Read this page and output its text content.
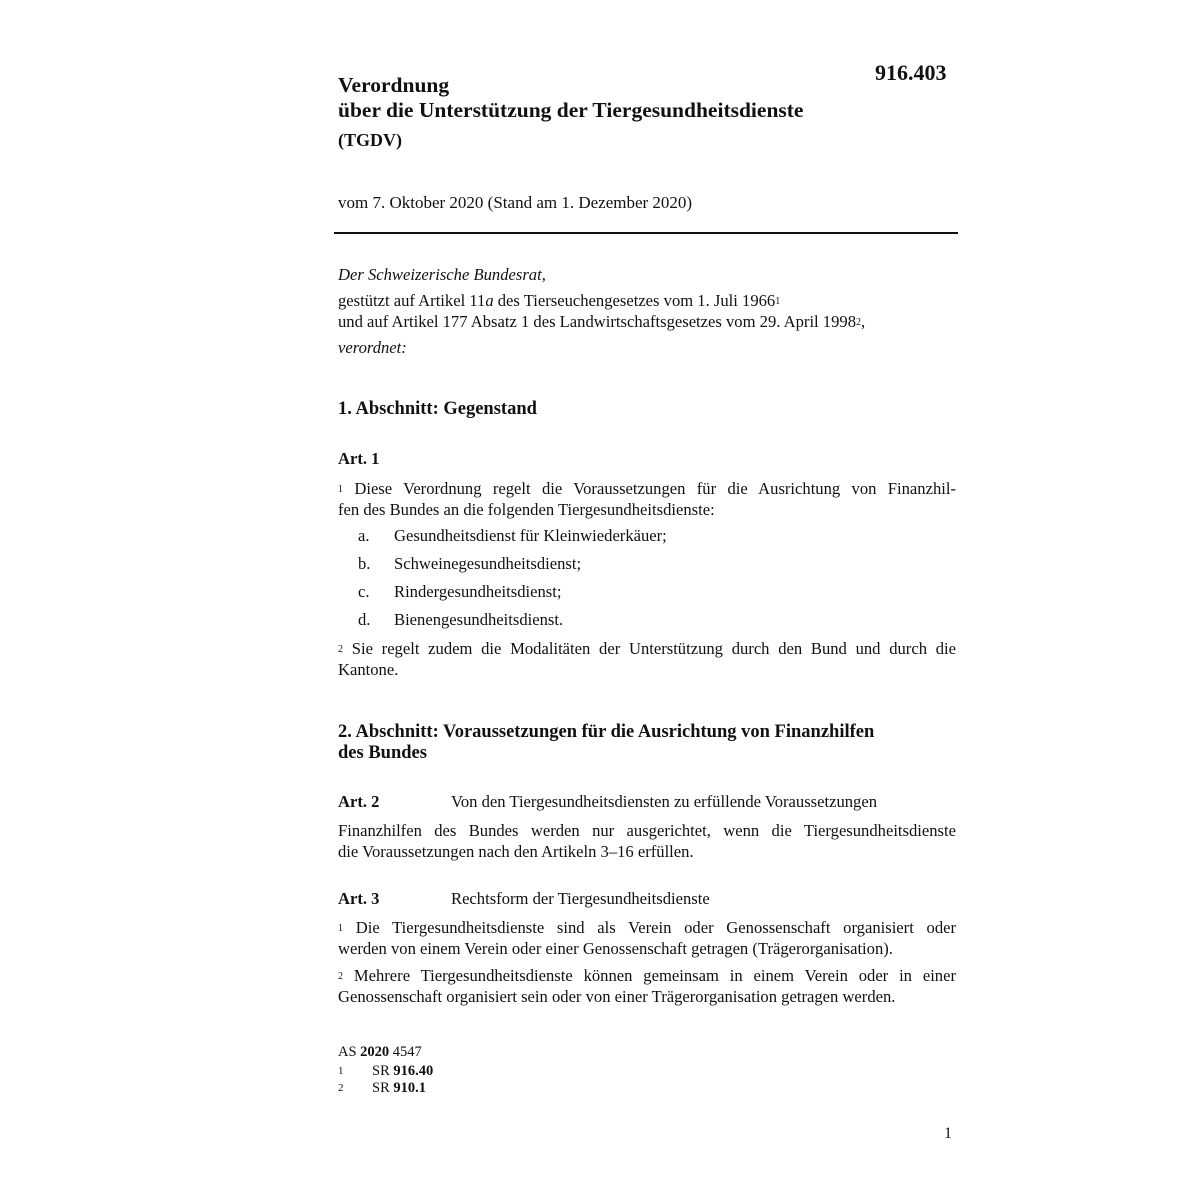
916.403
Verordnung
über die Unterstützung der Tiergesundheitsdienste
(TGDV)
vom 7. Oktober 2020 (Stand am 1. Dezember 2020)
Der Schweizerische Bundesrat,
gestützt auf Artikel 11a des Tierseuchengesetzes vom 1. Juli 1966$^1$
und auf Artikel 177 Absatz 1 des Landwirtschaftsgesetzes vom 29. April 1998$^2$,
verordnet:
1. Abschnitt: Gegenstand
Art. 1
$^1$ Diese Verordnung regelt die Voraussetzungen für die Ausrichtung von Finanzhil-
fen des Bundes an die folgenden Tiergesundheitsdienste:
a. Gesundheitsdienst für Kleinwiederkäuer;
b. Schweinegesundheitsdienst;
c. Rindergesundheitsdienst;
d. Bienengesundheitsdienst.
$^2$ Sie regelt zudem die Modalitäten der Unterstützung durch den Bund und durch die
Kantone.
2. Abschnitt: Voraussetzungen für die Ausrichtung von Finanzhilfen
des Bundes
Art. 2	Von den Tiergesundheitsdiensten zu erfüllende Voraussetzungen
Finanzhilfen des Bundes werden nur ausgerichtet, wenn die Tiergesundheitsdienste
die Voraussetzungen nach den Artikeln 3–16 erfüllen.
Art. 3	Rechtsform der Tiergesundheitsdienste
$^1$ Die Tiergesundheitsdienste sind als Verein oder Genossenschaft organisiert oder
werden von einem Verein oder einer Genossenschaft getragen (Trägerorganisation).
$^2$ Mehrere Tiergesundheitsdienste können gemeinsam in einem Verein oder in einer
Genossenschaft organisiert sein oder von einer Trägerorganisation getragen werden.
AS 2020 4547
1 SR 916.40
2 SR 910.1
1
